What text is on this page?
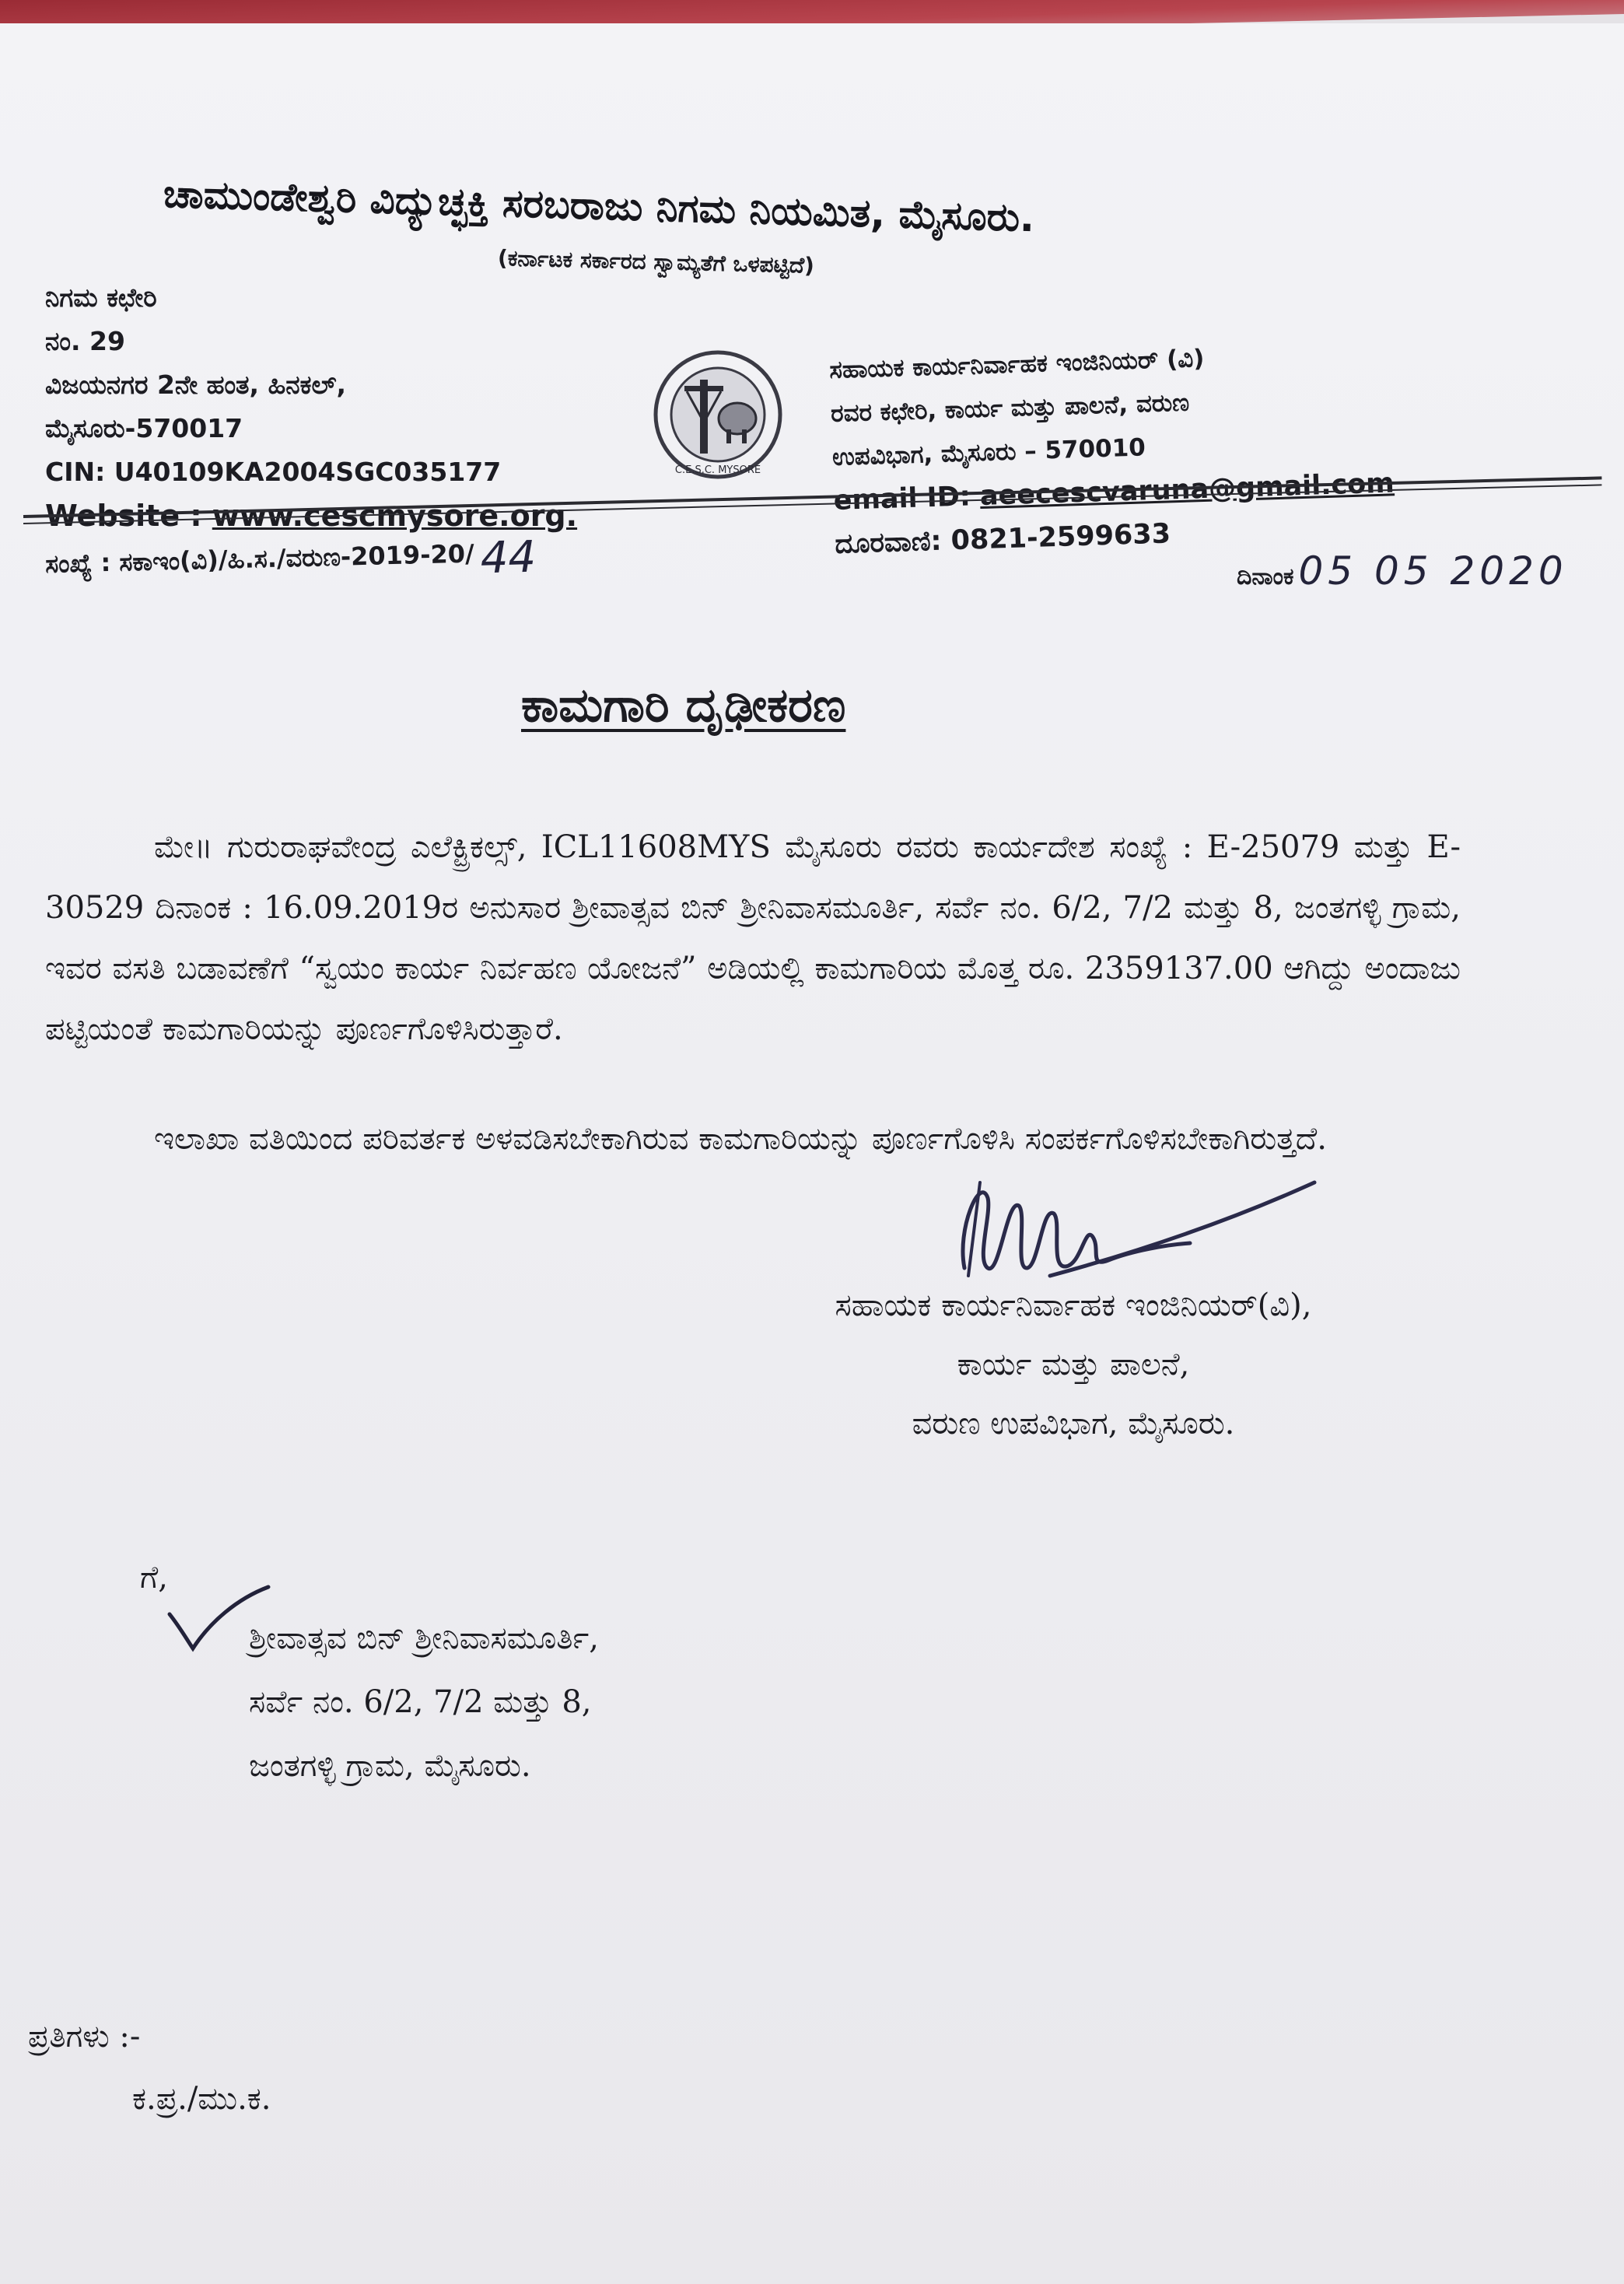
ಚಾಮುಂಡೇಶ್ವರಿ ವಿದ್ಯುಚ್ಛಕ್ತಿ ಸರಬರಾಜು ನಿಗಮ ನಿಯಮಿತ, ಮೈಸೂರು.
(ಕರ್ನಾಟಕ ಸರ್ಕಾರದ ಸ್ವಾಮ್ಯತೆಗೆ ಒಳಪಟ್ಟಿದೆ)
ನಿಗಮ ಕಛೇರಿ
ನಂ. 29
ವಿಜಯನಗರ 2ನೇ ಹಂತ, ಹಿನಕಲ್,
ಮೈಸೂರು-570017
CIN: U40109KA2004SGC035177
Website : www.cescmysore.org.
C.E.S.C. MYSORE
ಸಹಾಯಕ ಕಾರ್ಯನಿರ್ವಾಹಕ ಇಂಜಿನಿಯರ್ (ವಿ)
ರವರ ಕಛೇರಿ, ಕಾರ್ಯ ಮತ್ತು ಪಾಲನೆ, ವರುಣ
ಉಪವಿಭಾಗ, ಮೈಸೂರು – 570010
email ID: aeecescvaruna@gmail.com
ದೂರವಾಣಿ: 0821-2599633
ಸಂಖ್ಯೆ : ಸಕಾಇಂ(ವಿ)/ಹಿ.ಸ./ವರುಣ-2019-20/ 44	ದಿನಾಂಕ 05 05 2020
ಕಾಮಗಾರಿ ದೃಢೀಕರಣ
ಮೇ॥ ಗುರುರಾಘವೇಂದ್ರ ಎಲೆಕ್ಟ್ರಿಕಲ್ಸ್, ICL11608MYS ಮೈಸೂರು ರವರು ಕಾರ್ಯದೇಶ ಸಂಖ್ಯೆ : E-25079 ಮತ್ತು E-30529 ದಿನಾಂಕ : 16.09.2019ರ ಅನುಸಾರ ಶ್ರೀವಾತ್ಸವ ಬಿನ್ ಶ್ರೀನಿವಾಸಮೂರ್ತಿ, ಸರ್ವೆ ನಂ. 6/2, 7/2 ಮತ್ತು 8, ಜಂತಗಳ್ಳಿ ಗ್ರಾಮ, ಇವರ ವಸತಿ ಬಡಾವಣೆಗೆ “ಸ್ವಯಂ ಕಾರ್ಯ ನಿರ್ವಹಣ ಯೋಜನೆ” ಅಡಿಯಲ್ಲಿ ಕಾಮಗಾರಿಯ ಮೊತ್ತ ರೂ. 2359137.00 ಆಗಿದ್ದು ಅಂದಾಜು ಪಟ್ಟಿಯಂತೆ ಕಾಮಗಾರಿಯನ್ನು ಪೂರ್ಣಗೊಳಿಸಿರುತ್ತಾರೆ.
ಇಲಾಖಾ ವತಿಯಿಂದ ಪರಿವರ್ತಕ ಅಳವಡಿಸಬೇಕಾಗಿರುವ ಕಾಮಗಾರಿಯನ್ನು ಪೂರ್ಣಗೊಳಿಸಿ ಸಂಪರ್ಕಗೊಳಿಸಬೇಕಾಗಿರುತ್ತದೆ.
ಸಹಾಯಕ ಕಾರ್ಯನಿರ್ವಾಹಕ ಇಂಜಿನಿಯರ್(ವಿ),
ಕಾರ್ಯ ಮತ್ತು ಪಾಲನೆ,
ವರುಣ ಉಪವಿಭಾಗ, ಮೈಸೂರು.
ಗೆ,
ಶ್ರೀವಾತ್ಸವ ಬಿನ್ ಶ್ರೀನಿವಾಸಮೂರ್ತಿ,
ಸರ್ವೆ ನಂ. 6/2, 7/2 ಮತ್ತು 8,
ಜಂತಗಳ್ಳಿ ಗ್ರಾಮ, ಮೈಸೂರು.
ಪ್ರತಿಗಳು :-
ಕ.ಪ್ರ./ಮು.ಕ.
